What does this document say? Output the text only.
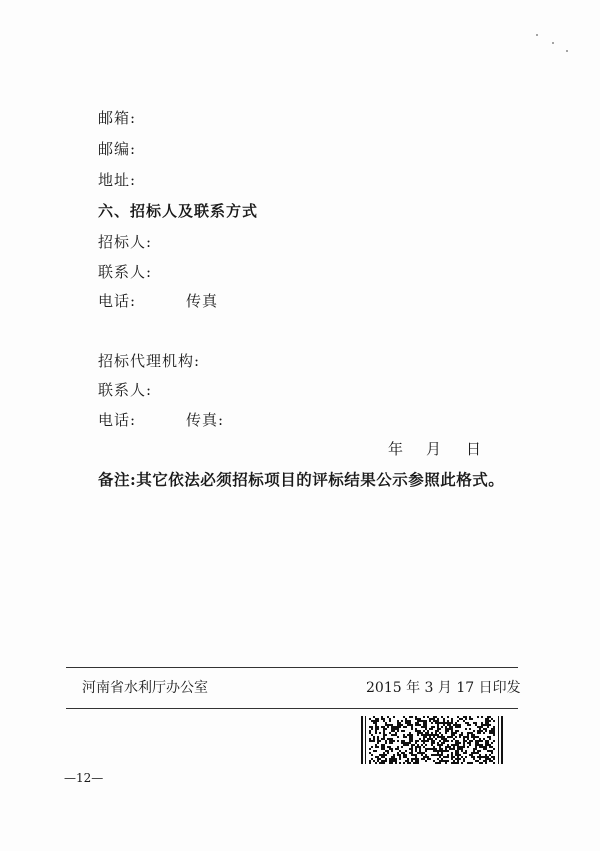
邮箱:
邮编:
地址:
六、招标人及联系方式
招标人:
联系人:
电话:	传真
招标代理机构:
联系人:
电话:	传真:
年 月 日
备注:其它依法必须招标项目的评标结果公示参照此格式。
河南省水利厅办公室	2015 年 3 月 17 日印发
—12—
